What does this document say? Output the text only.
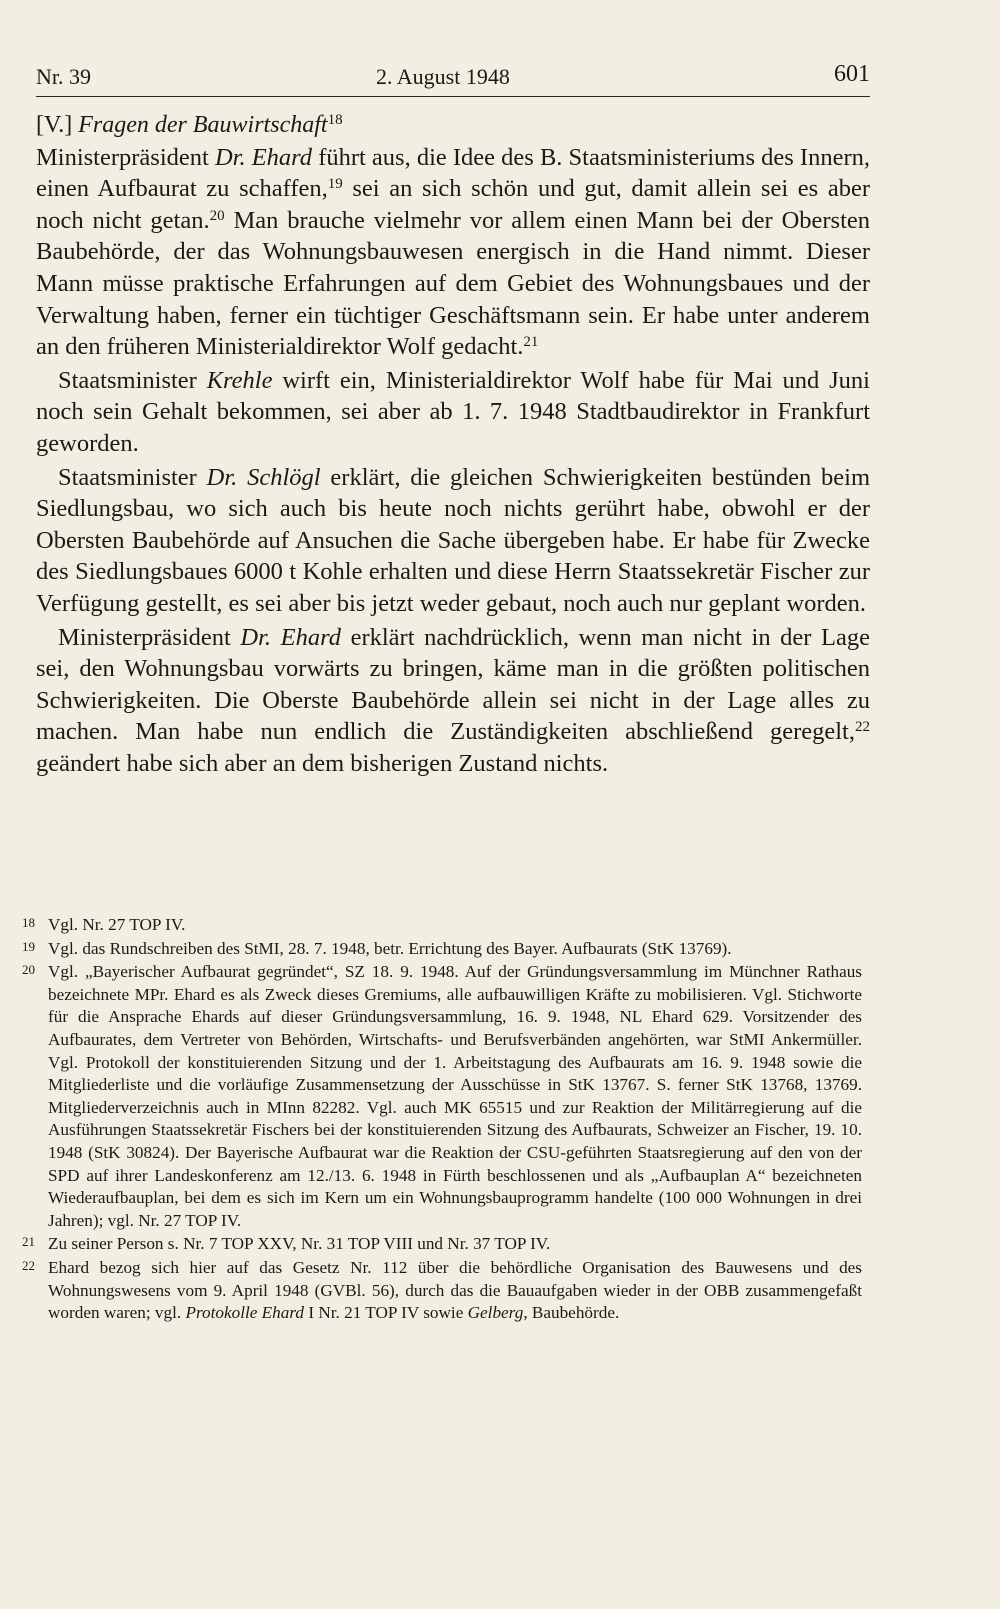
Nr. 39	2. August 1948	601

[V.] Fragen der Bauwirtschaft$^{18}$

Ministerpräsident Dr. Ehard führt aus, die Idee des B. Staatsministeriums des Innern, einen Aufbaurat zu schaffen,$^{19}$ sei an sich schön und gut, damit allein sei es aber noch nicht getan.$^{20}$ Man brauche vielmehr vor allem einen Mann bei der Obersten Baubehörde, der das Wohnungsbauwesen energisch in die Hand nimmt. Dieser Mann müsse praktische Erfahrungen auf dem Gebiet des Wohnungsbaues und der Verwaltung haben, ferner ein tüchtiger Geschäftsmann sein. Er habe unter anderem an den früheren Ministerialdirektor Wolf gedacht.$^{21}$

Staatsminister Krehle wirft ein, Ministerialdirektor Wolf habe für Mai und Juni noch sein Gehalt bekommen, sei aber ab 1. 7. 1948 Stadtbaudirektor in Frankfurt geworden.

Staatsminister Dr. Schlögl erklärt, die gleichen Schwierigkeiten bestünden beim Siedlungsbau, wo sich auch bis heute noch nichts gerührt habe, obwohl er der Obersten Baubehörde auf Ansuchen die Sache übergeben habe. Er habe für Zwecke des Siedlungsbaues 6000 t Kohle erhalten und diese Herrn Staatssekretär Fischer zur Verfügung gestellt, es sei aber bis jetzt weder gebaut, noch auch nur geplant worden.

Ministerpräsident Dr. Ehard erklärt nachdrücklich, wenn man nicht in der Lage sei, den Wohnungsbau vorwärts zu bringen, käme man in die größten politischen Schwierigkeiten. Die Oberste Baubehörde allein sei nicht in der Lage alles zu machen. Man habe nun endlich die Zuständigkeiten abschließend geregelt,$^{22}$ geändert habe sich aber an dem bisherigen Zustand nichts.

18 Vgl. Nr. 27 TOP IV.
19 Vgl. das Rundschreiben des StMI, 28. 7. 1948, betr. Errichtung des Bayer. Aufbaurats (StK 13769).
20 Vgl. „Bayerischer Aufbaurat gegründet“, SZ 18. 9. 1948. Auf der Gründungsversammlung im Münchner Rathaus bezeichnete MPr. Ehard es als Zweck dieses Gremiums, alle aufbauwilligen Kräfte zu mobilisieren. Vgl. Stichworte für die Ansprache Ehards auf dieser Gründungsversammlung, 16. 9. 1948, NL Ehard 629. Vorsitzender des Aufbaurates, dem Vertreter von Behörden, Wirtschafts- und Berufsverbänden angehörten, war StMI Ankermüller. Vgl. Protokoll der konstituierenden Sitzung und der 1. Arbeitstagung des Aufbaurats am 16. 9. 1948 sowie die Mitgliederliste und die vorläufige Zusammensetzung der Ausschüsse in StK 13767. S. ferner StK 13768, 13769. Mitgliederverzeichnis auch in MInn 82282. Vgl. auch MK 65515 und zur Reaktion der Militärregierung auf die Ausführungen Staatssekretär Fischers bei der konstituierenden Sitzung des Aufbaurats, Schweizer an Fischer, 19. 10. 1948 (StK 30824). Der Bayerische Aufbaurat war die Reaktion der CSU-geführten Staatsregierung auf den von der SPD auf ihrer Landeskonferenz am 12./13. 6. 1948 in Fürth beschlossenen und als „Aufbauplan A“ bezeichneten Wiederaufbauplan, bei dem es sich im Kern um ein Wohnungsbauprogramm handelte (100 000 Wohnungen in drei Jahren); vgl. Nr. 27 TOP IV.
21 Zu seiner Person s. Nr. 7 TOP XXV, Nr. 31 TOP VIII und Nr. 37 TOP IV.
22 Ehard bezog sich hier auf das Gesetz Nr. 112 über die behördliche Organisation des Bauwesens und des Wohnungswesens vom 9. April 1948 (GVBl. 56), durch das die Bauaufgaben wieder in der OBB zusammengefaßt worden waren; vgl. Protokolle Ehard I Nr. 21 TOP IV sowie Gelberg, Baubehörde.
